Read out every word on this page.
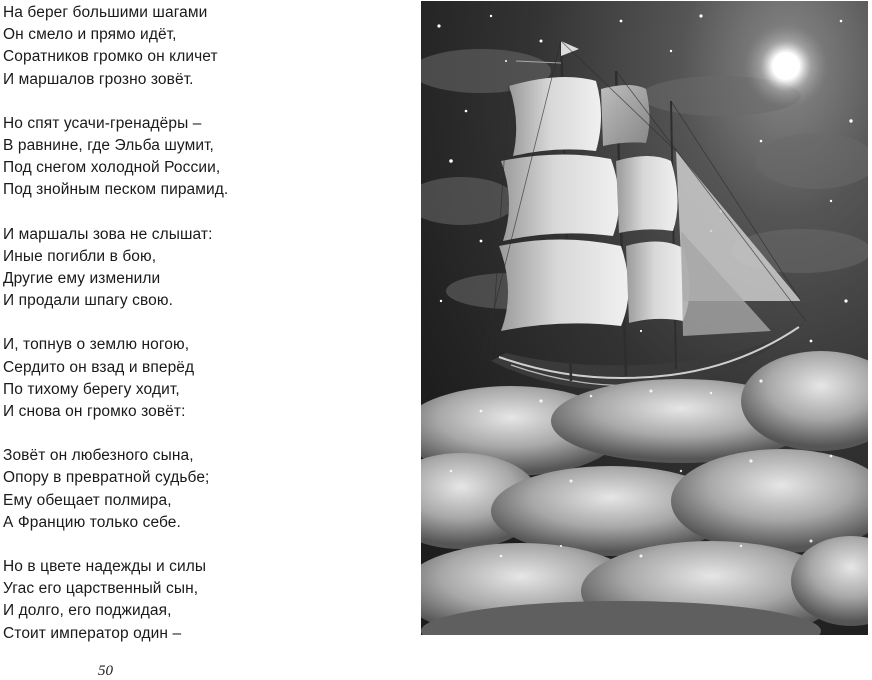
На берег большими шагами
Он смело и прямо идёт,
Соратников громко он кличет
И маршалов грозно зовёт.
Но спят усачи-гренадёры –
В равнине, где Эльба шумит,
Под снегом холодной России,
Под знойным песком пирамид.
И маршалы зова не слышат:
Иные погибли в бою,
Другие ему изменили
И продали шпагу свою.
И, топнув о землю ногою,
Сердито он взад и вперёд
По тихому берегу ходит,
И снова он громко зовёт:
Зовёт он любезного сына,
Опору в превратной судьбе;
Ему обещает полмира,
А Францию только себе.
Но в цвете надежды и силы
Угас его царственный сын,
И долго, его поджидая,
Стоит император один –
50
